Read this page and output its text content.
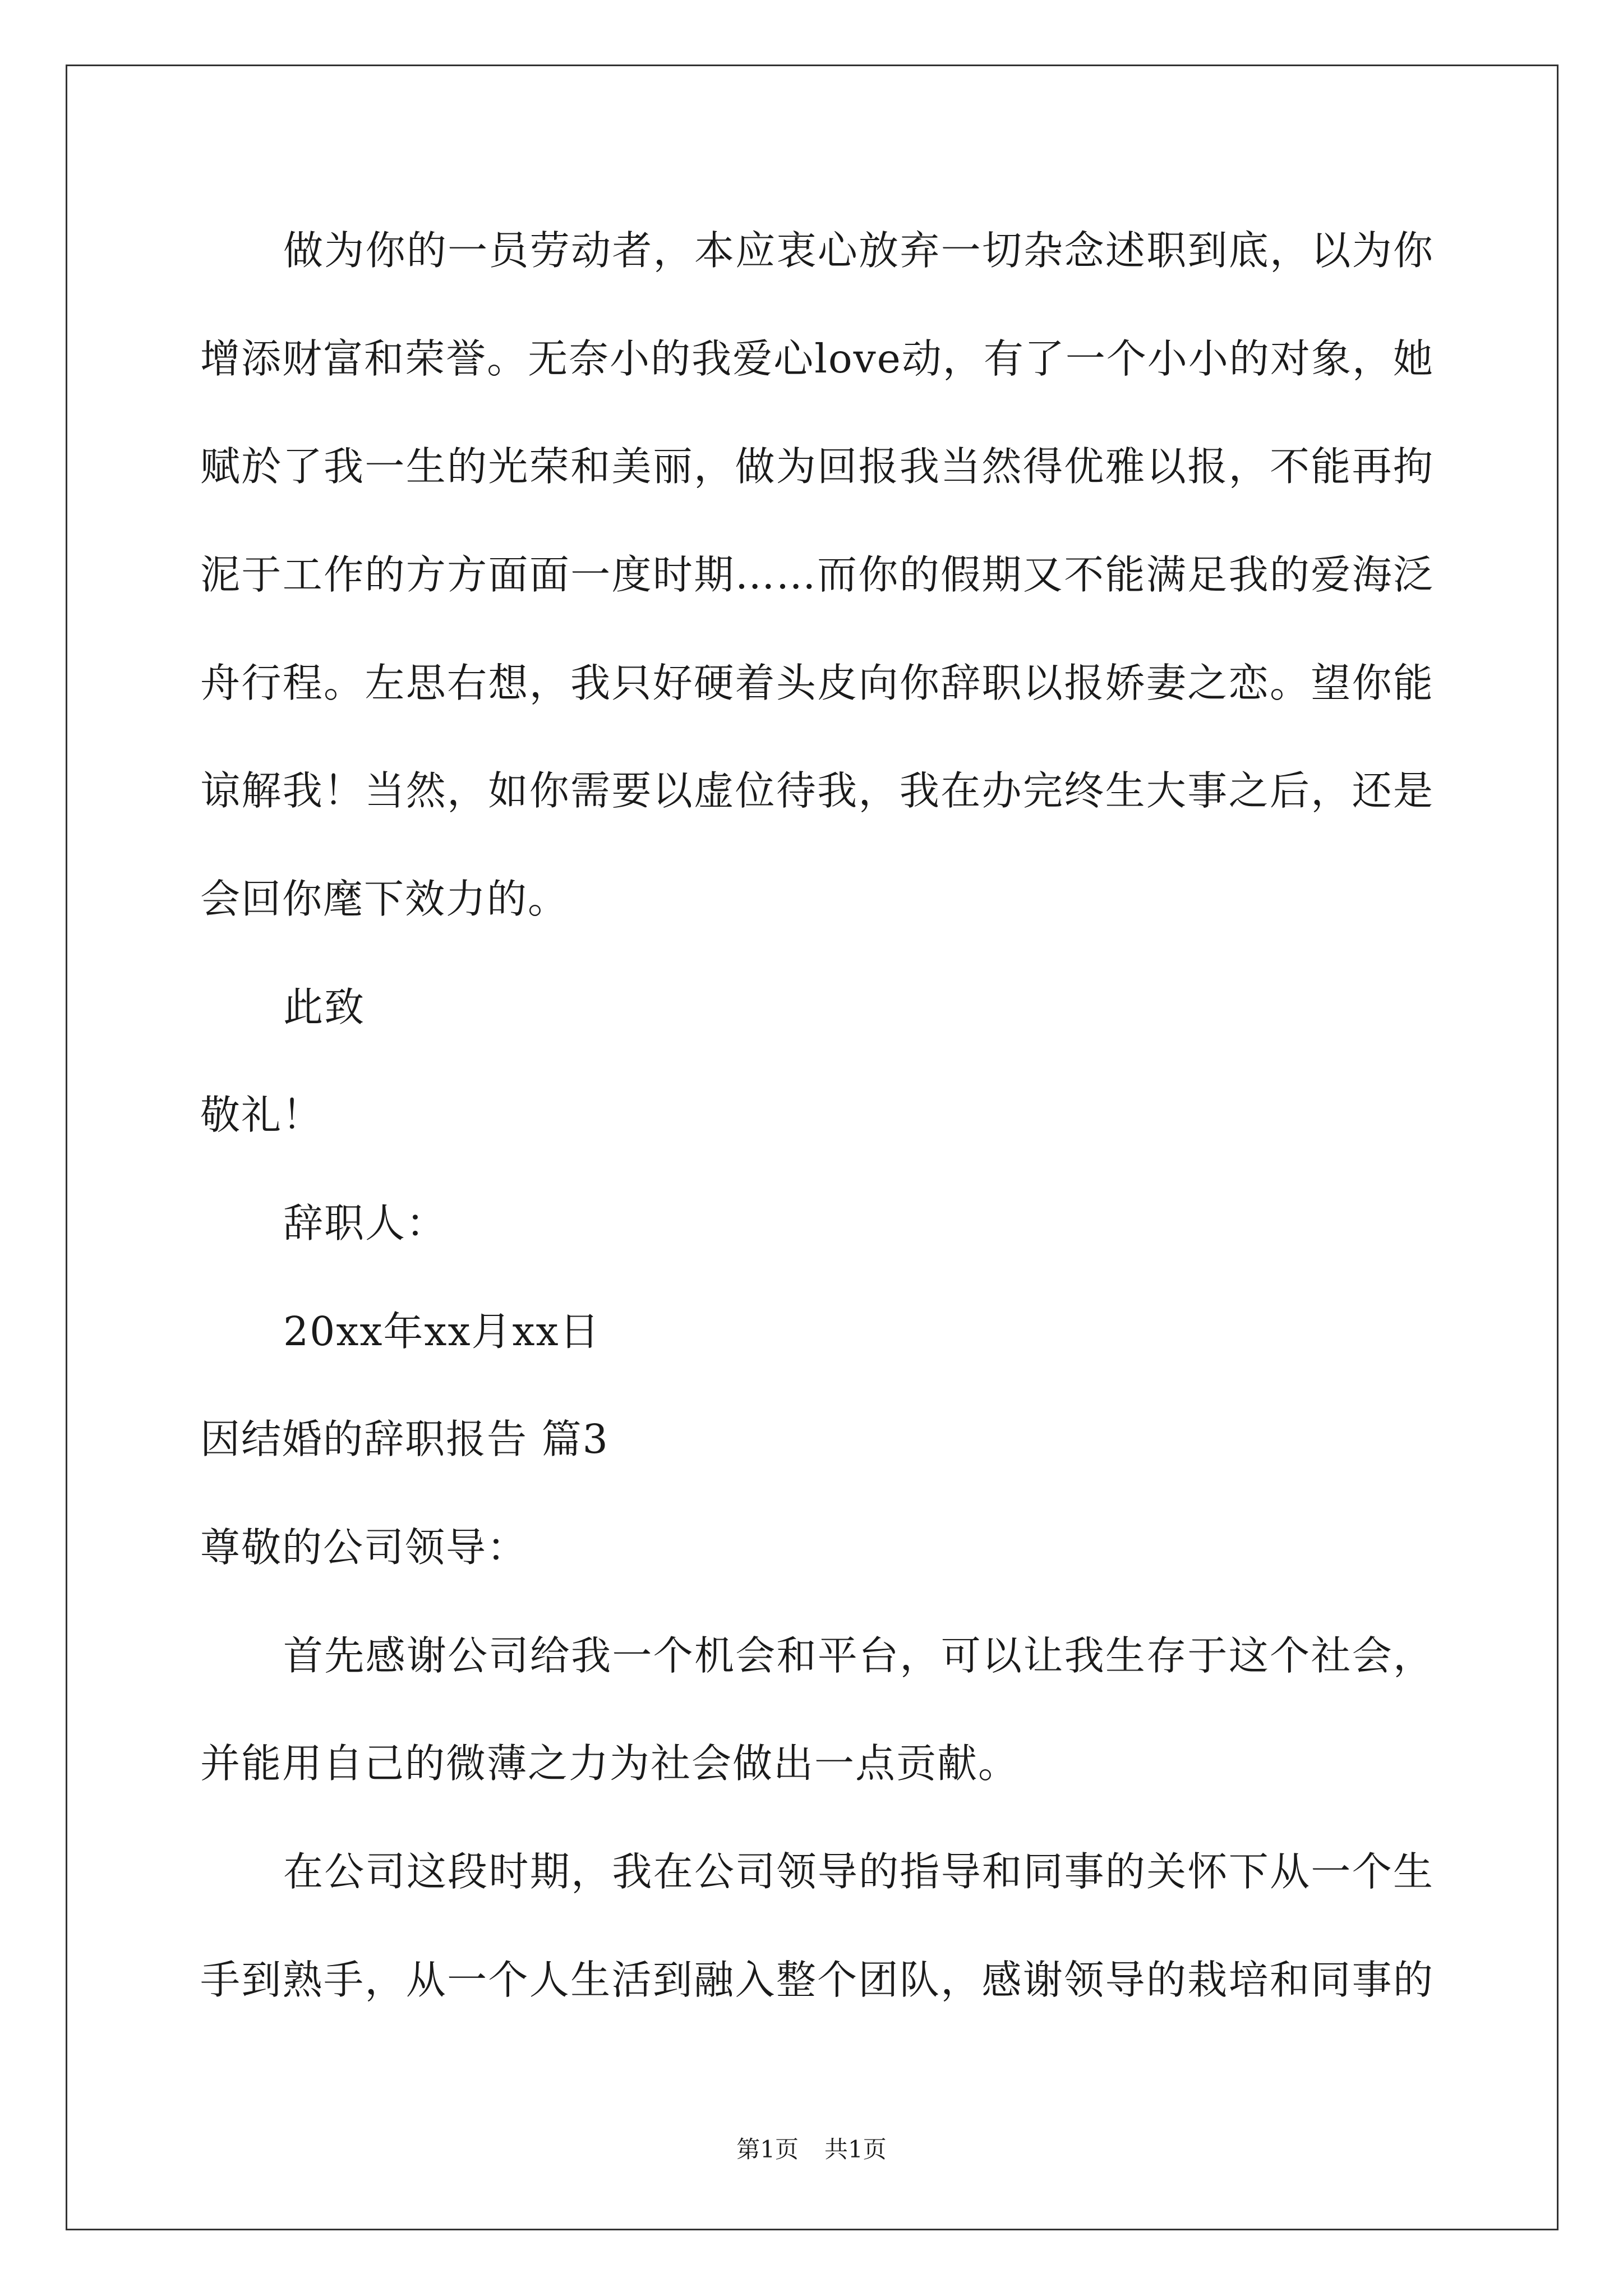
做为你的一员劳动者，本应衷心放弃一切杂念述职到底，以为你
增添财富和荣誉。无奈小的我爱心love动，有了一个小小的对象，她
赋於了我一生的光荣和美丽，做为回报我当然得优雅以报，不能再拘
泥于工作的方方面面一度时期……而你的假期又不能满足我的爱海泛
舟行程。左思右想，我只好硬着头皮向你辞职以报娇妻之恋。望你能
谅解我！当然，如你需要以虚位待我，我在办完终生大事之后，还是
会回你麾下效力的。
此致
敬礼！
辞职人：
20xx年xx月xx日
因结婚的辞职报告 篇3
尊敬的公司领导：
首先感谢公司给我一个机会和平台，可以让我生存于这个社会，
并能用自己的微薄之力为社会做出一点贡献。
在公司这段时期，我在公司领导的指导和同事的关怀下从一个生
手到熟手，从一个人生活到融入整个团队，感谢领导的栽培和同事的
第1页 共1页
